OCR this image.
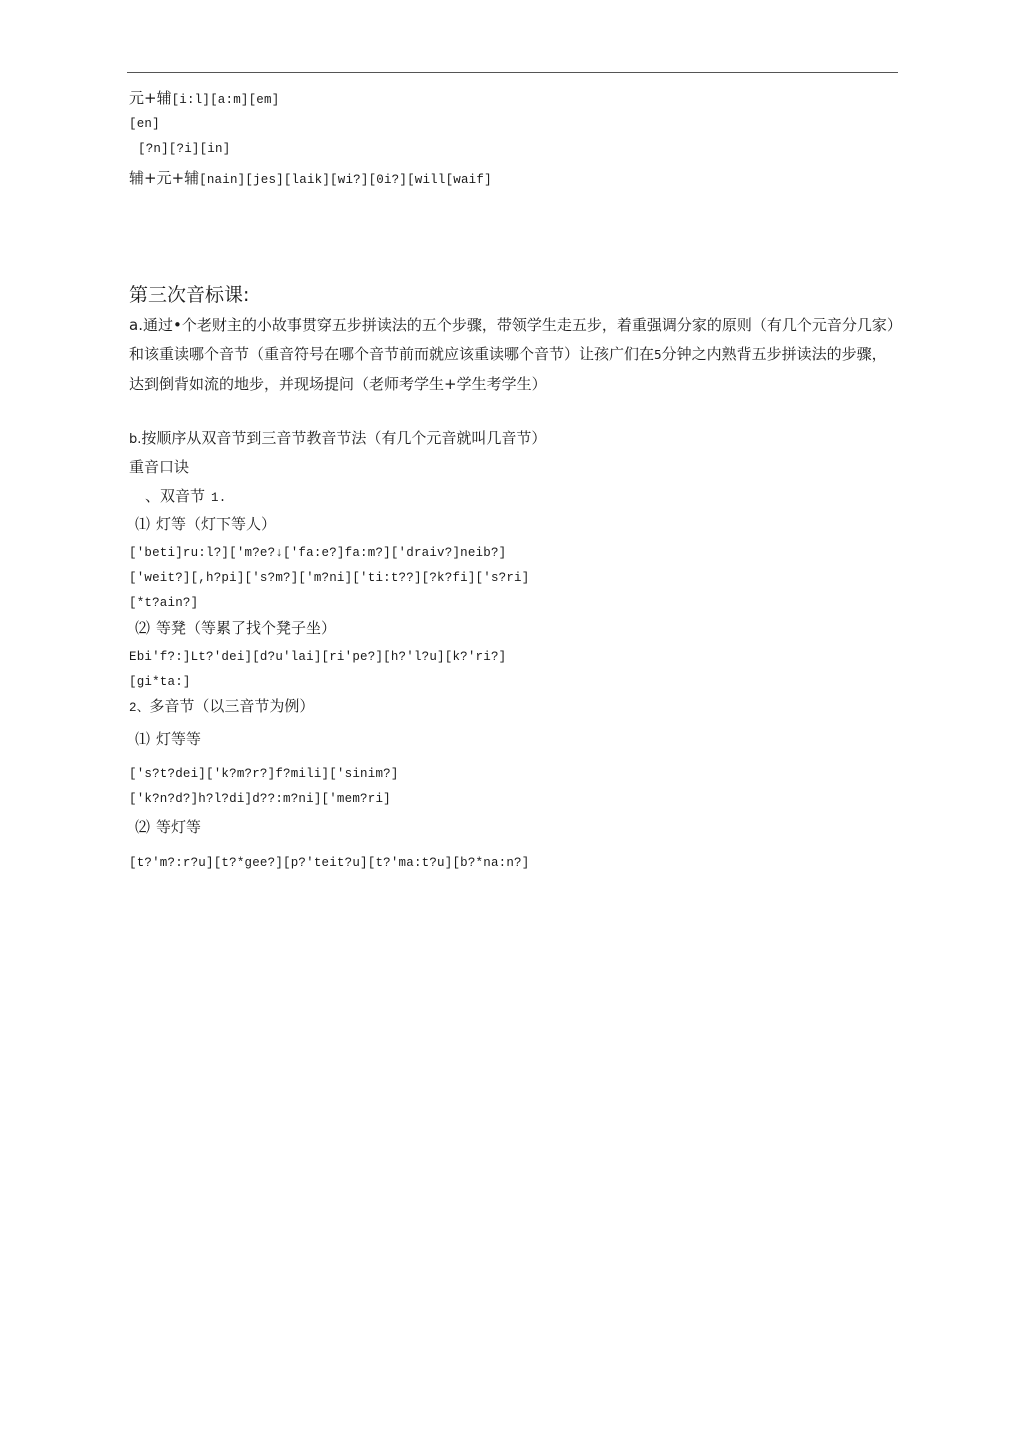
元+辅[i:l][a:m][em]
[en]
[?n][?i][in]
辅+元+辅[nain][jes][laik][wi?][0i?][will[waif]
第三次音标课:
a.通过•个老财主的小故事贯穿五步拼读法的五个步骤，带领学生走五步，着重强调分家的原则（有几个元音分几家）和该重读哪个音节（重音符号在哪个音节前而就应该重读哪个音节）让孩广们在5分钟之内熟背五步拼读法的步骤，达到倒背如流的地步，并现场提问（老师考学生+学生考学生）
b.按顺序从双音节到三音节教音节法（有几个元音就叫几音节）
重音口诀
、双音节 1.
⑴ 灯等（灯下等人）
['beti]ru:l?]['m?e?↓['fa:e?]fa:m?]['draiv?]neib?]
['weit?][,h?pi]['s?m?]['m?ni]['ti:t??][?k?fi]['s?ri]
[*t?ain?]
⑵ 等凳（等累了找个凳子坐）
Ebi'f?:]Lt?'dei][d?u'lai][ri'pe?][h?'l?u][k?'ri?]
[gi*ta:]
2、多音节（以三音节为例）
⑴ 灯等等
['s?t?dei]['k?m?r?]f?mili]['sinim?]
['k?n?d?]h?l?di]d??:m?ni]['mem?ri]
⑵ 等灯等
[t?'m?:r?u][t?*gee?][p?'teit?u][t?'ma:t?u][b?*na:n?]
